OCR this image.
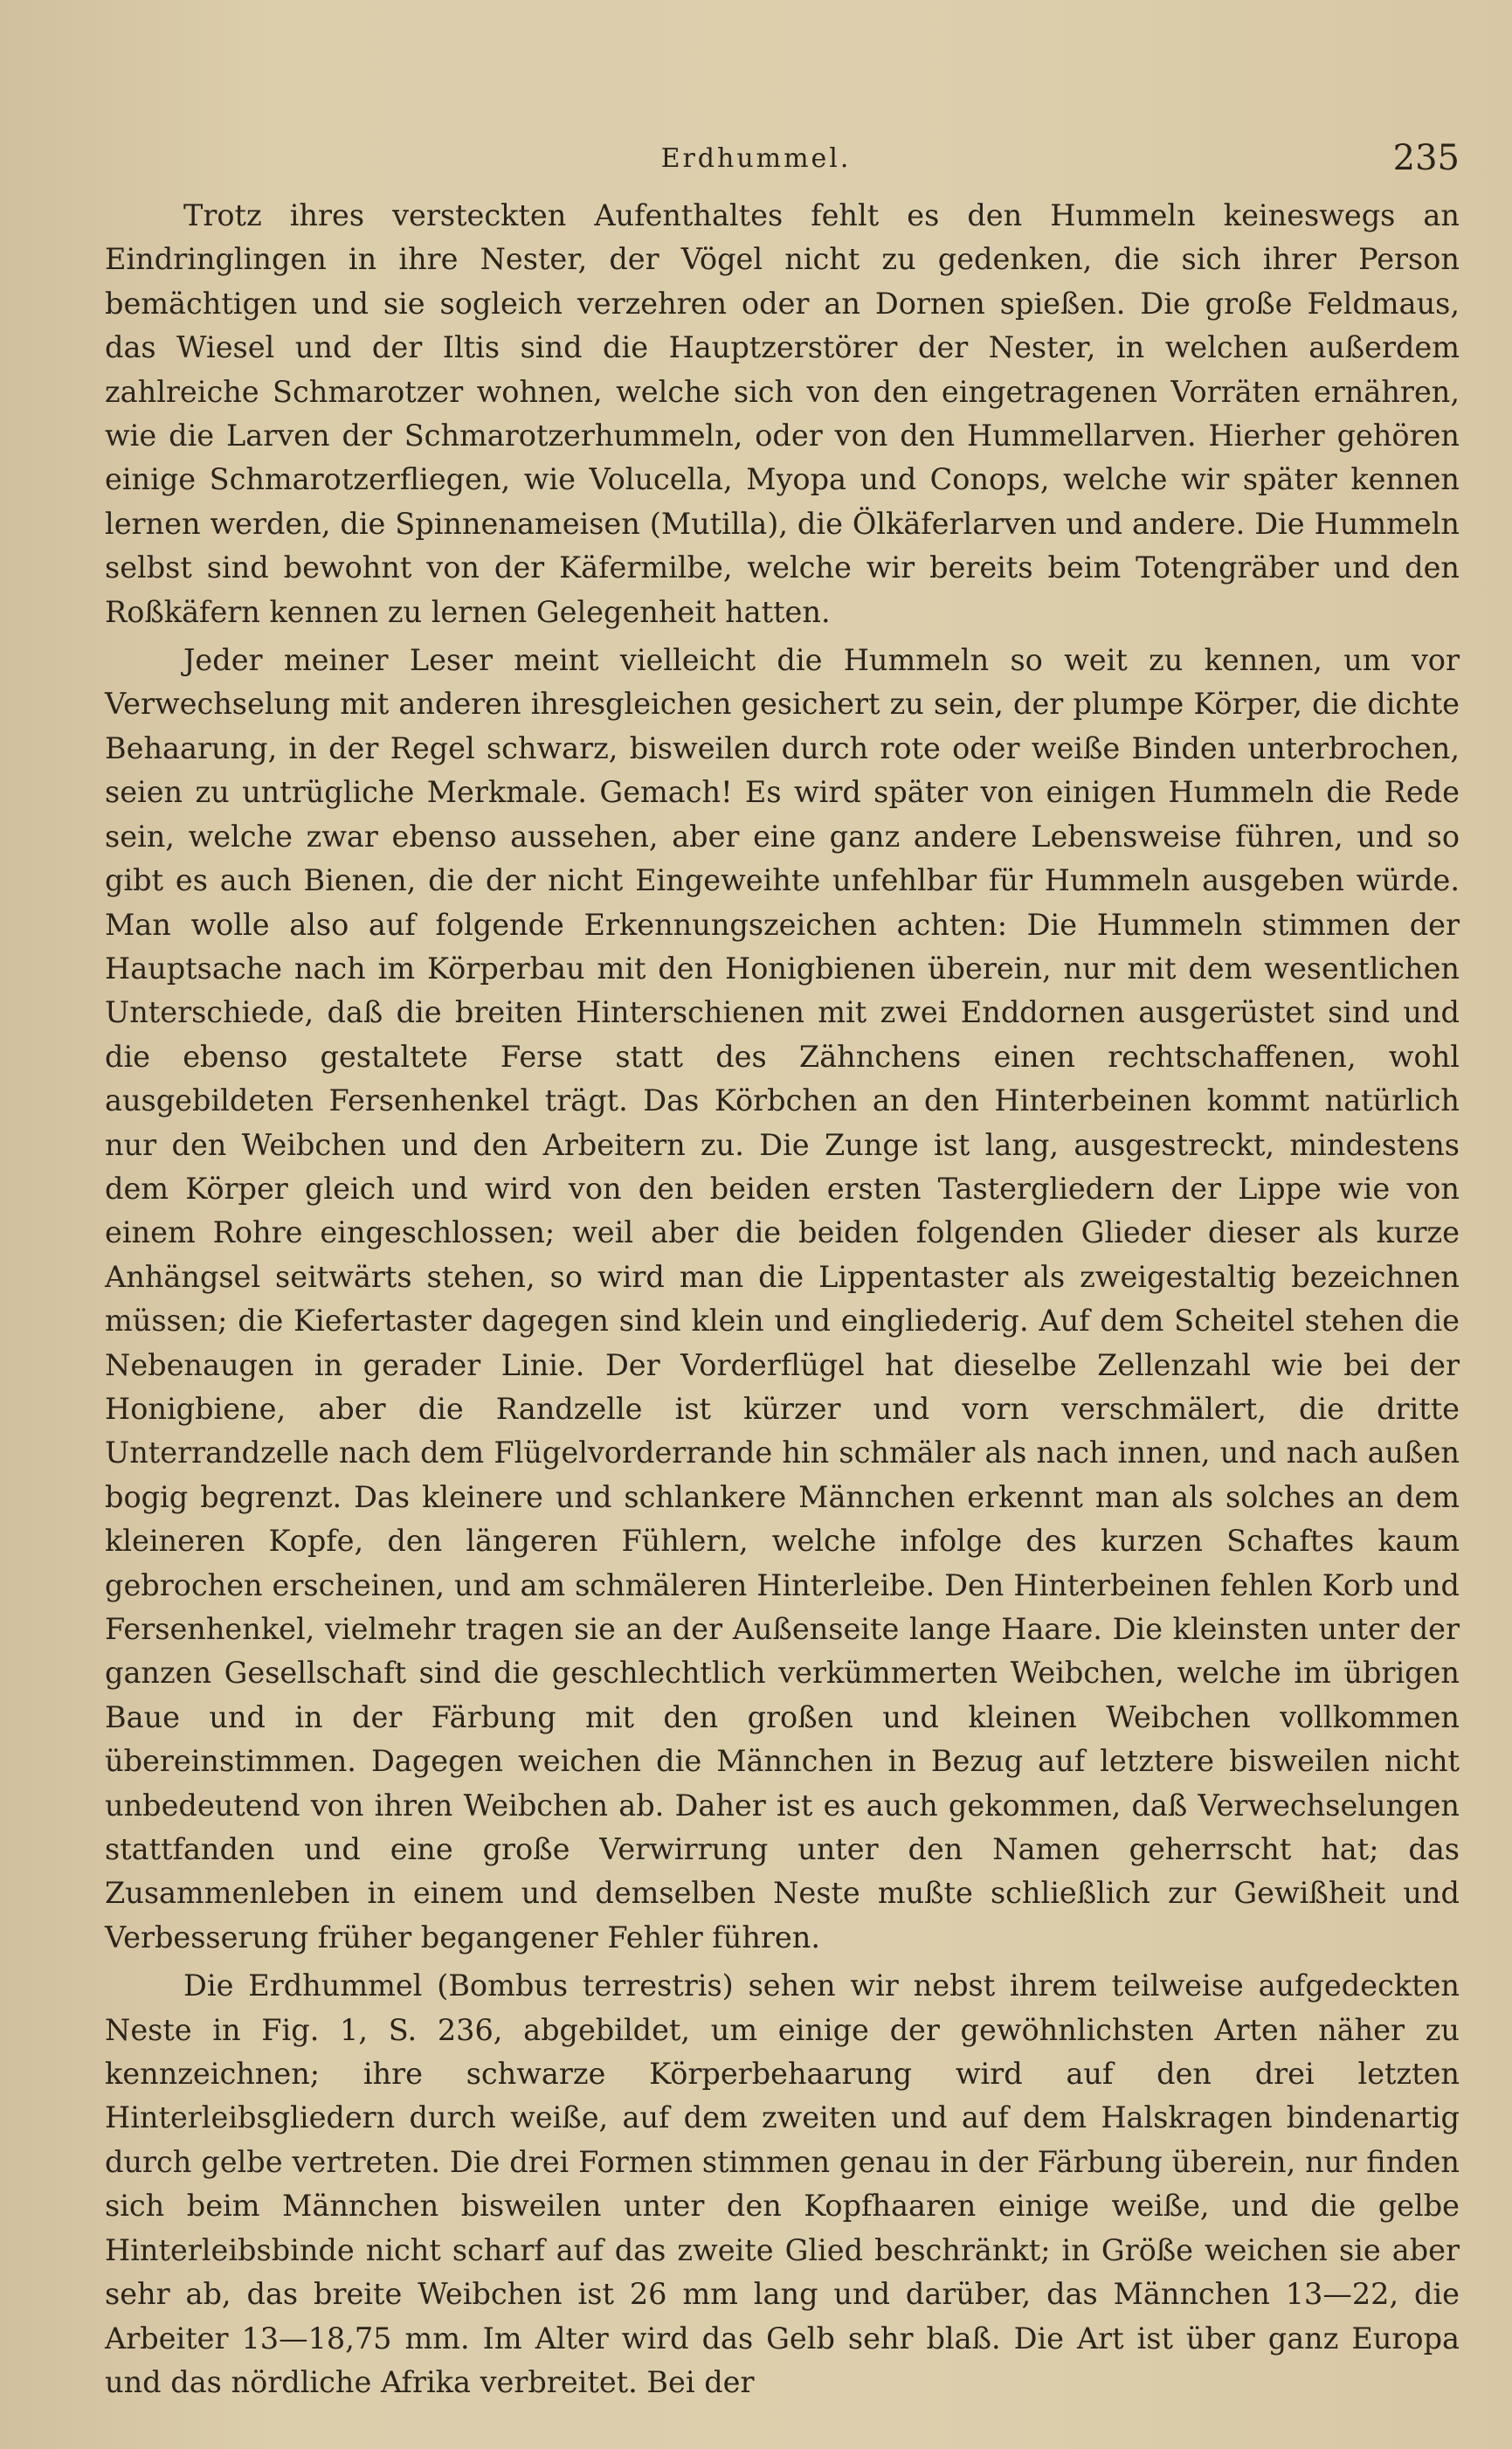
Erdhummel.	235

Trotz ihres versteckten Aufenthaltes fehlt es den Hummeln keineswegs an Eindringlingen in ihre Nester, der Vögel nicht zu gedenken, die sich ihrer Person bemächtigen und sie sogleich verzehren oder an Dornen spießen. Die große Feldmaus, das Wiesel und der Iltis sind die Hauptzerstörer der Nester, in welchen außerdem zahlreiche Schmarotzer wohnen, welche sich von den eingetragenen Vorräten ernähren, wie die Larven der Schmarotzerhummeln, oder von den Hummellarven. Hierher gehören einige Schmarotzerfliegen, wie Volucella, Myopa und Conops, welche wir später kennen lernen werden, die Spinnenameisen (Mutilla), die Ölkäferlarven und andere. Die Hummeln selbst sind bewohnt von der Käfermilbe, welche wir bereits beim Totengräber und den Roßkäfern kennen zu lernen Gelegenheit hatten.

Jeder meiner Leser meint vielleicht die Hummeln so weit zu kennen, um vor Verwechselung mit anderen ihresgleichen gesichert zu sein, der plumpe Körper, die dichte Behaarung, in der Regel schwarz, bisweilen durch rote oder weiße Binden unterbrochen, seien zu untrügliche Merkmale. Gemach! Es wird später von einigen Hummeln die Rede sein, welche zwar ebenso aussehen, aber eine ganz andere Lebensweise führen, und so gibt es auch Bienen, die der nicht Eingeweihte unfehlbar für Hummeln ausgeben würde. Man wolle also auf folgende Erkennungszeichen achten: Die Hummeln stimmen der Hauptsache nach im Körperbau mit den Honigbienen überein, nur mit dem wesentlichen Unterschiede, daß die breiten Hinterschienen mit zwei Enddornen ausgerüstet sind und die ebenso gestaltete Ferse statt des Zähnchens einen rechtschaffenen, wohl ausgebildeten Fersenhenkel trägt. Das Körbchen an den Hinterbeinen kommt natürlich nur den Weibchen und den Arbeitern zu. Die Zunge ist lang, ausgestreckt, mindestens dem Körper gleich und wird von den beiden ersten Tastergliedern der Lippe wie von einem Rohre eingeschlossen; weil aber die beiden folgenden Glieder dieser als kurze Anhängsel seitwärts stehen, so wird man die Lippentaster als zweigestaltig bezeichnen müssen; die Kiefertaster dagegen sind klein und eingliederig. Auf dem Scheitel stehen die Nebenaugen in gerader Linie. Der Vorderflügel hat dieselbe Zellenzahl wie bei der Honigbiene, aber die Randzelle ist kürzer und vorn verschmälert, die dritte Unterrandzelle nach dem Flügelvorderrande hin schmäler als nach innen, und nach außen bogig begrenzt. Das kleinere und schlankere Männchen erkennt man als solches an dem kleineren Kopfe, den längeren Fühlern, welche infolge des kurzen Schaftes kaum gebrochen erscheinen, und am schmäleren Hinterleibe. Den Hinterbeinen fehlen Korb und Fersenhenkel, vielmehr tragen sie an der Außenseite lange Haare. Die kleinsten unter der ganzen Gesellschaft sind die geschlechtlich verkümmerten Weibchen, welche im übrigen Baue und in der Färbung mit den großen und kleinen Weibchen vollkommen übereinstimmen. Dagegen weichen die Männchen in Bezug auf letztere bisweilen nicht unbedeutend von ihren Weibchen ab. Daher ist es auch gekommen, daß Verwechselungen stattfanden und eine große Verwirrung unter den Namen geherrscht hat; das Zusammenleben in einem und demselben Neste mußte schließlich zur Gewißheit und Verbesserung früher begangener Fehler führen.

Die Erdhummel (Bombus terrestris) sehen wir nebst ihrem teilweise aufgedeckten Neste in Fig. 1, S. 236, abgebildet, um einige der gewöhnlichsten Arten näher zu kennzeichnen; ihre schwarze Körperbehaarung wird auf den drei letzten Hinterleibsgliedern durch weiße, auf dem zweiten und auf dem Halskragen bindenartig durch gelbe vertreten. Die drei Formen stimmen genau in der Färbung überein, nur finden sich beim Männchen bisweilen unter den Kopfhaaren einige weiße, und die gelbe Hinterleibsbinde nicht scharf auf das zweite Glied beschränkt; in Größe weichen sie aber sehr ab, das breite Weibchen ist 26 mm lang und darüber, das Männchen 13—22, die Arbeiter 13—18,75 mm. Im Alter wird das Gelb sehr blaß. Die Art ist über ganz Europa und das nördliche Afrika verbreitet. Bei der
